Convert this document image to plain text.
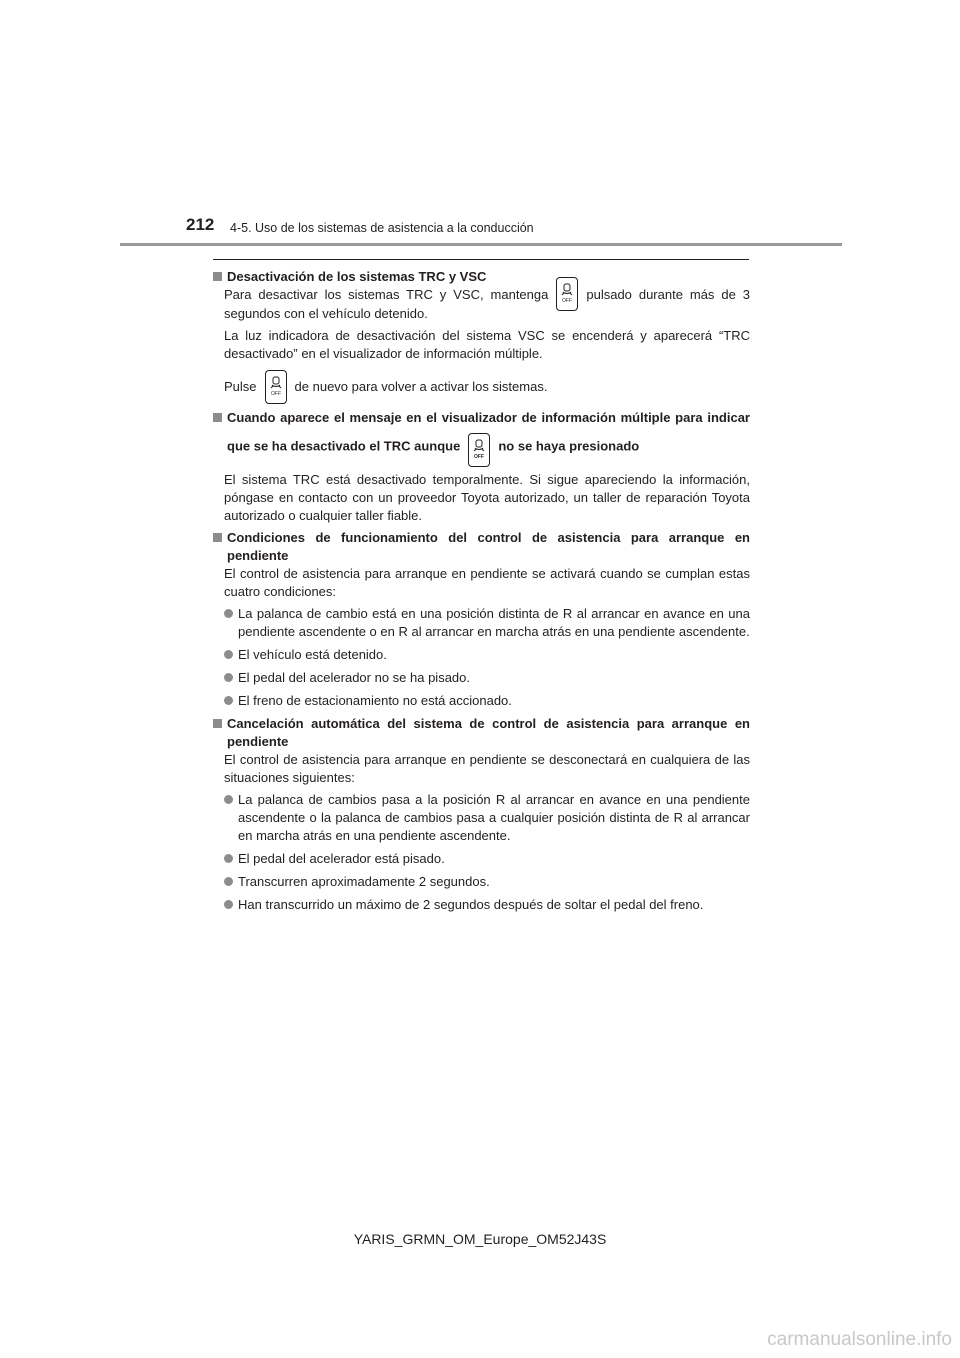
212 4-5. Uso de los sistemas de asistencia a la conducción
Desactivación de los sistemas TRC y VSC

Para desactivar los sistemas TRC y VSC, mantenga	OFF pulsado durante más de 3 segundos con el vehículo detenido.

La luz indicadora de desactivación del sistema VSC se encenderá y aparecerá “TRC desactivado” en el visualizador de información múltiple.

Pulse
OFF
de nuevo para volver a activar los sistemas.

Cuando aparece el mensaje en el visualizador de información múltiple para indicar que se ha desactivado el TRC aunque
OFF
no se haya presionado

El sistema TRC está desactivado temporalmente. Si sigue apareciendo la información, póngase en contacto con un proveedor Toyota autorizado, un taller de reparación Toyota autorizado o cualquier taller fiable.

Condiciones de funcionamiento del control de asistencia para arranque en pendiente

El control de asistencia para arranque en pendiente se activará cuando se cumplan estas cuatro condiciones:

La palanca de cambio está en una posición distinta de R al arrancar en avance en una pendiente ascendente o en R al arrancar en marcha atrás en una pendiente ascendente.
El vehículo está detenido.
El pedal del acelerador no se ha pisado.
El freno de estacionamiento no está accionado.
Cancelación automática del sistema de control de asistencia para arranque en pendiente

El control de asistencia para arranque en pendiente se desconectará en cualquiera de las situaciones siguientes:

La palanca de cambios pasa a la posición R al arrancar en avance en una pendiente ascendente o la palanca de cambios pasa a cualquier posición distinta de R al arrancar en marcha atrás en una pendiente ascendente.
El pedal del acelerador está pisado.
Transcurren aproximadamente 2 segundos.
Han transcurrido un máximo de 2 segundos después de soltar el pedal del freno.
YARIS_GRMN_OM_Europe_OM52J43S
carmanualsonline.info
